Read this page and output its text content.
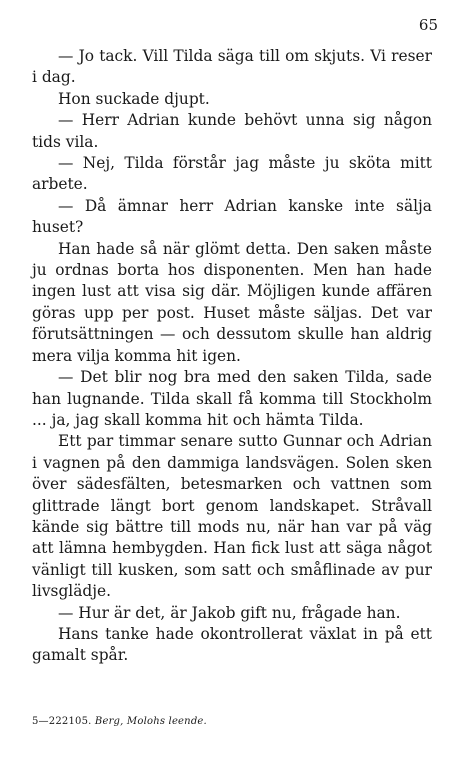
65

— Jo tack. Vill Tilda säga till om skjuts. Vi reser i dag.

Hon suckade djupt.

— Herr Adrian kunde behövt unna sig någon tids vila.

— Nej, Tilda förstår jag måste ju sköta mitt arbete.

— Då ämnar herr Adrian kanske inte sälja huset?

Han hade så när glömt detta. Den saken måste ju ordnas borta hos disponenten. Men han hade ingen lust att visa sig där. Möjligen kunde affären göras upp per post. Huset måste säljas. Det var förutsättningen — och dessutom skulle han aldrig mera vilja komma hit igen.

— Det blir nog bra med den saken Tilda, sade han lugnande. Tilda skall få komma till Stockholm ... ja, jag skall komma hit och hämta Tilda.

Ett par timmar senare sutto Gunnar och Adrian i vagnen på den dammiga landsvägen. Solen sken över sädesfälten, betesmarken och vattnen som glittrade längt bort genom landskapet. Stråvall kände sig bättre till mods nu, när han var på väg att lämna hembygden. Han fick lust att säga något vänligt till kusken, som satt och småflinade av pur livsglädje.

— Hur är det, är Jakob gift nu, frågade han.

Hans tanke hade okontrollerat växlat in på ett gamalt spår.

5—222105. Berg, Molohs leende.
